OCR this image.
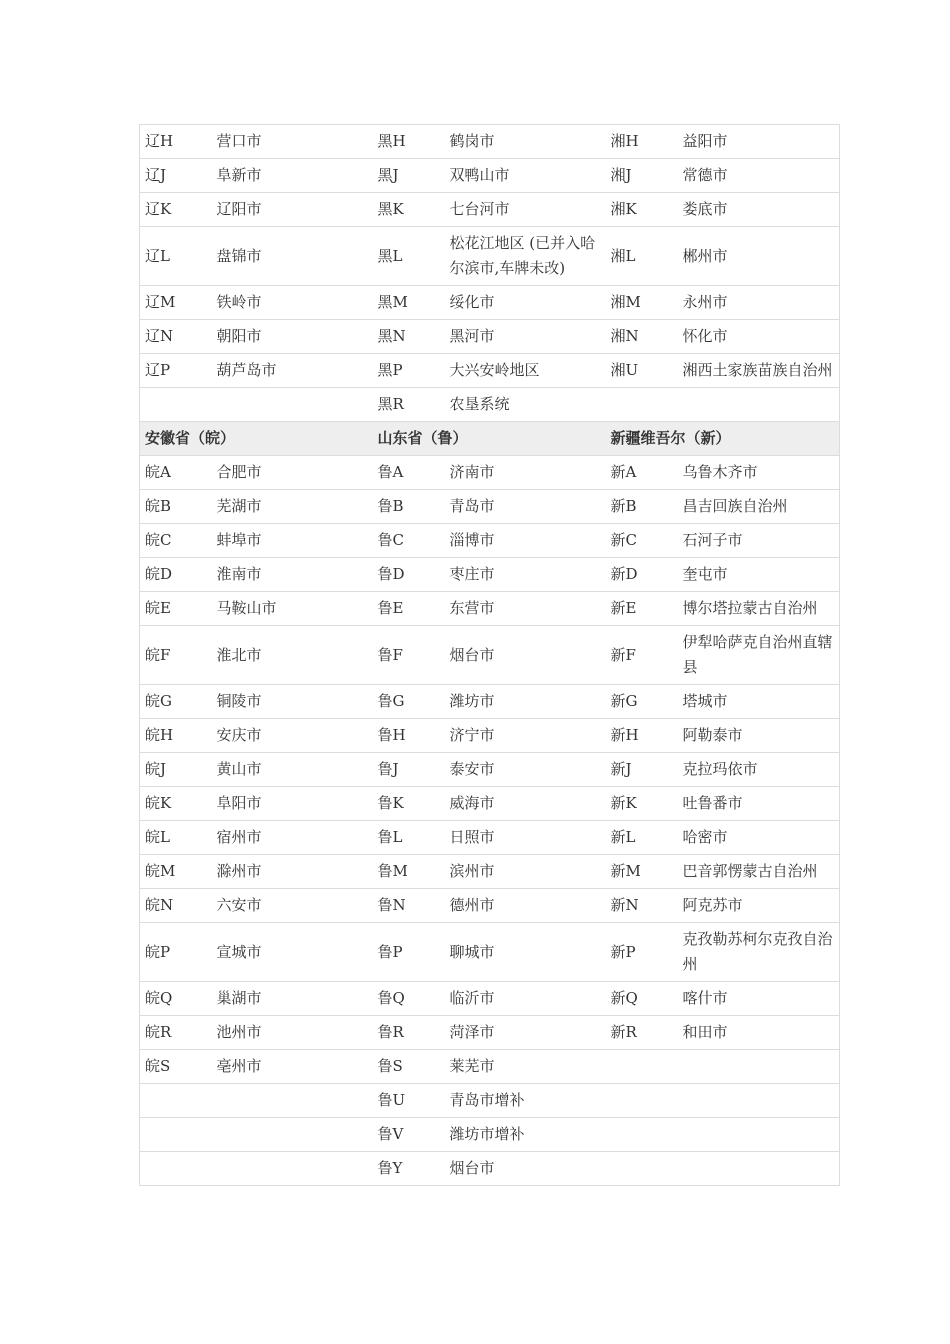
辽H	营口市	黑H	鹤岗市	湘H	益阳市
辽J	阜新市	黑J	双鸭山市	湘J	常德市
辽K	辽阳市	黑K	七台河市	湘K	娄底市
辽L	盘锦市	黑L	松花江地区 (已并入哈尔滨市,车牌未改)	湘L	郴州市
辽M	铁岭市	黑M	绥化市	湘M	永州市
辽N	朝阳市	黑N	黑河市	湘N	怀化市
辽P	葫芦岛市	黑P	大兴安岭地区	湘U	湘西土家族苗族自治州
		黑R	农垦系统		
安徽省（皖）		山东省（鲁）		新疆维吾尔（新）	
皖A	合肥市	鲁A	济南市	新A	乌鲁木齐市
皖B	芜湖市	鲁B	青岛市	新B	昌吉回族自治州
皖C	蚌埠市	鲁C	淄博市	新C	石河子市
皖D	淮南市	鲁D	枣庄市	新D	奎屯市
皖E	马鞍山市	鲁E	东营市	新E	博尔塔拉蒙古自治州
皖F	淮北市	鲁F	烟台市	新F	伊犁哈萨克自治州直辖县
皖G	铜陵市	鲁G	潍坊市	新G	塔城市
皖H	安庆市	鲁H	济宁市	新H	阿勒泰市
皖J	黄山市	鲁J	泰安市	新J	克拉玛依市
皖K	阜阳市	鲁K	威海市	新K	吐鲁番市
皖L	宿州市	鲁L	日照市	新L	哈密市
皖M	滁州市	鲁M	滨州市	新M	巴音郭愣蒙古自治州
皖N	六安市	鲁N	德州市	新N	阿克苏市
皖P	宣城市	鲁P	聊城市	新P	克孜勒苏柯尔克孜自治州
皖Q	巢湖市	鲁Q	临沂市	新Q	喀什市
皖R	池州市	鲁R	菏泽市	新R	和田市
皖S	亳州市	鲁S	莱芜市		
		鲁U	青岛市增补		
		鲁V	潍坊市增补		
		鲁Y	烟台市		
